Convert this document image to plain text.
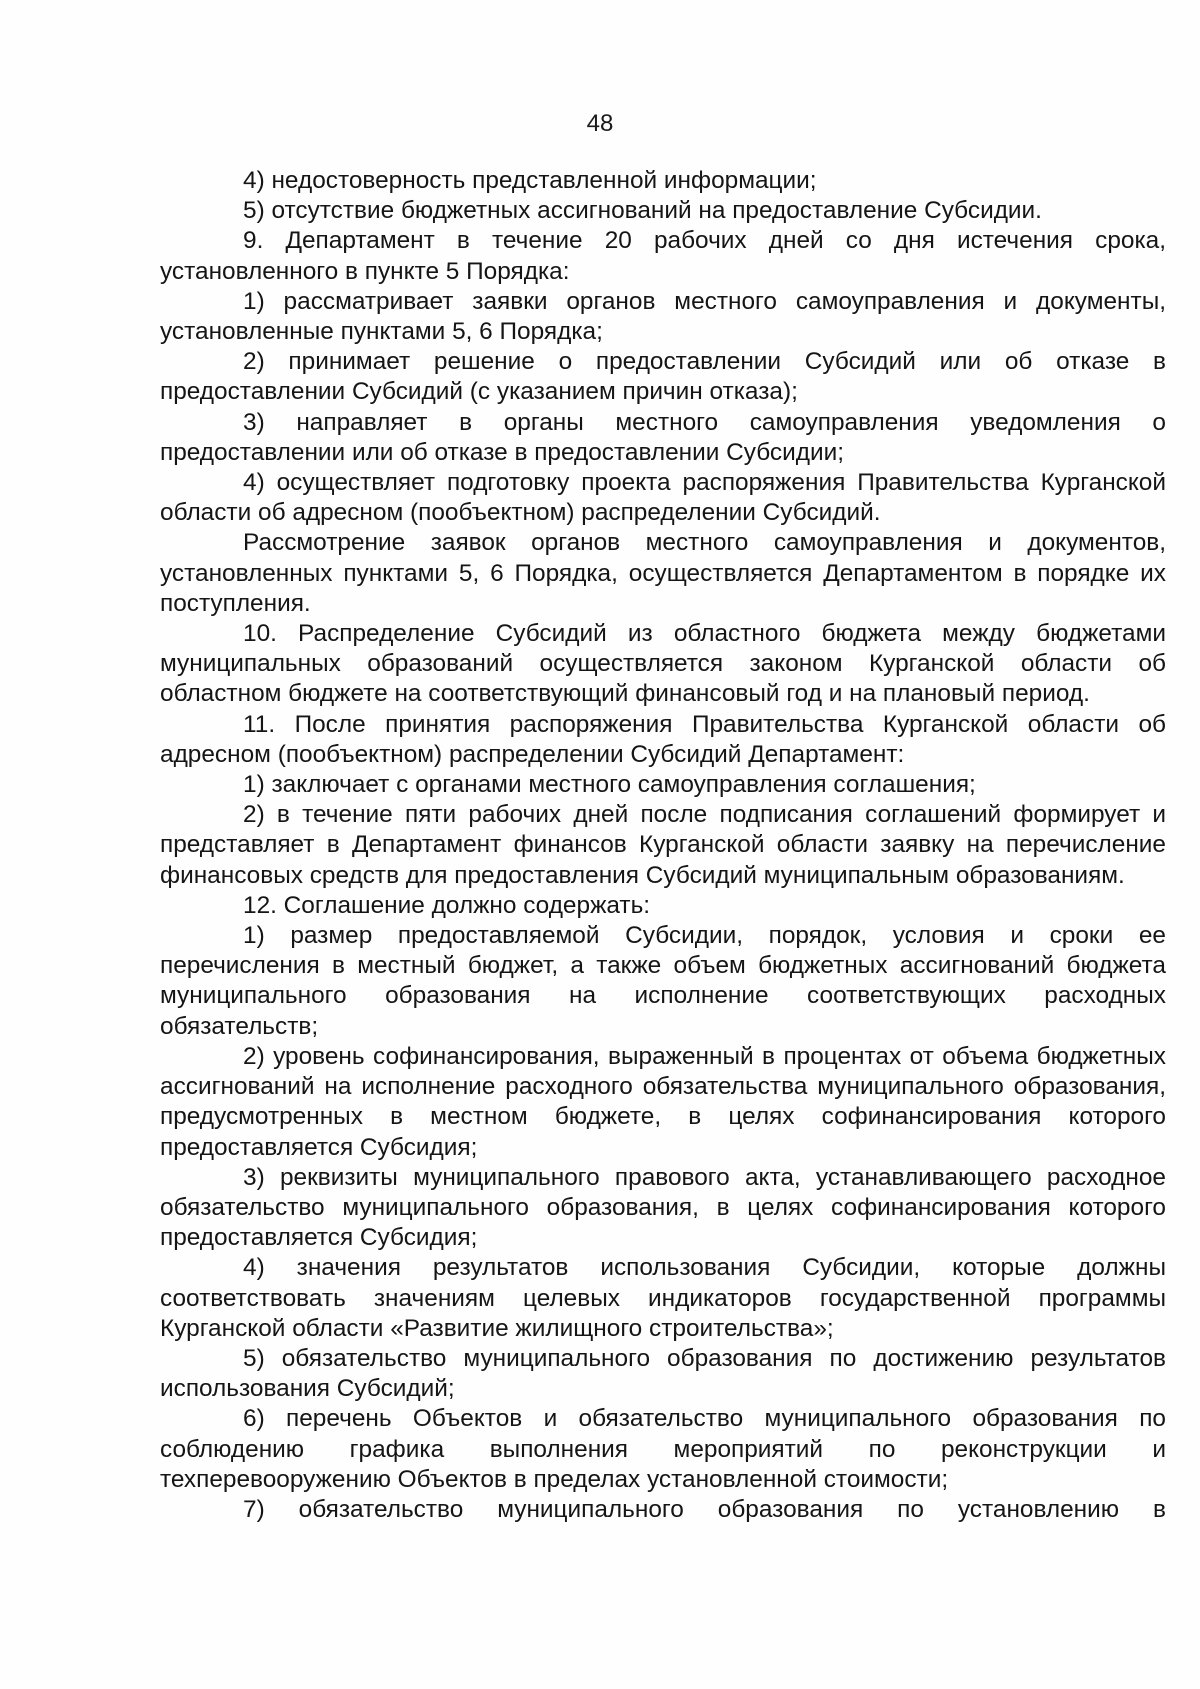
48

4) недостоверность представленной информации;

5) отсутствие бюджетных ассигнований на предоставление Субсидии.

9. Департамент в течение 20 рабочих дней со дня истечения срока, установленного в пункте 5 Порядка:

1) рассматривает заявки органов местного самоуправления и документы, установленные пунктами 5, 6 Порядка;

2) принимает решение о предоставлении Субсидий или об отказе в предоставлении Субсидий (с указанием причин отказа);

3) направляет в органы местного самоуправления уведомления о предоставлении или об отказе в предоставлении Субсидии;

4) осуществляет подготовку проекта распоряжения Правительства Курганской области об адресном (пообъектном) распределении Субсидий.

Рассмотрение заявок органов местного самоуправления и документов, установленных пунктами 5, 6 Порядка, осуществляется Департаментом в порядке их поступления.

10. Распределение Субсидий из областного бюджета между бюджетами муниципальных образований осуществляется законом Курганской области об областном бюджете на соответствующий финансовый год и на плановый период.

11. После принятия распоряжения Правительства Курганской области об адресном (пообъектном) распределении Субсидий Департамент:

1) заключает с органами местного самоуправления соглашения;

2) в течение пяти рабочих дней после подписания соглашений формирует и представляет в Департамент финансов Курганской области заявку на перечисление финансовых средств для предоставления Субсидий муниципальным образованиям.

12. Соглашение должно содержать:

1) размер предоставляемой Субсидии, порядок, условия и сроки ее перечисления в местный бюджет, а также объем бюджетных ассигнований бюджета муниципального образования на исполнение соответствующих расходных обязательств;

2) уровень софинансирования, выраженный в процентах от объема бюджетных ассигнований на исполнение расходного обязательства муниципального образования, предусмотренных в местном бюджете, в целях софинансирования которого предоставляется Субсидия;

3) реквизиты муниципального правового акта, устанавливающего расходное обязательство муниципального образования, в целях софинансирования которого предоставляется Субсидия;

4) значения результатов использования Субсидии, которые должны соответствовать значениям целевых индикаторов государственной программы Курганской области «Развитие жилищного строительства»;

5) обязательство муниципального образования по достижению результатов использования Субсидий;

6) перечень Объектов и обязательство муниципального образования по соблюдению графика выполнения мероприятий по реконструкции и техперевооружению Объектов в пределах установленной стоимости;

7) обязательство муниципального образования по установлению в
